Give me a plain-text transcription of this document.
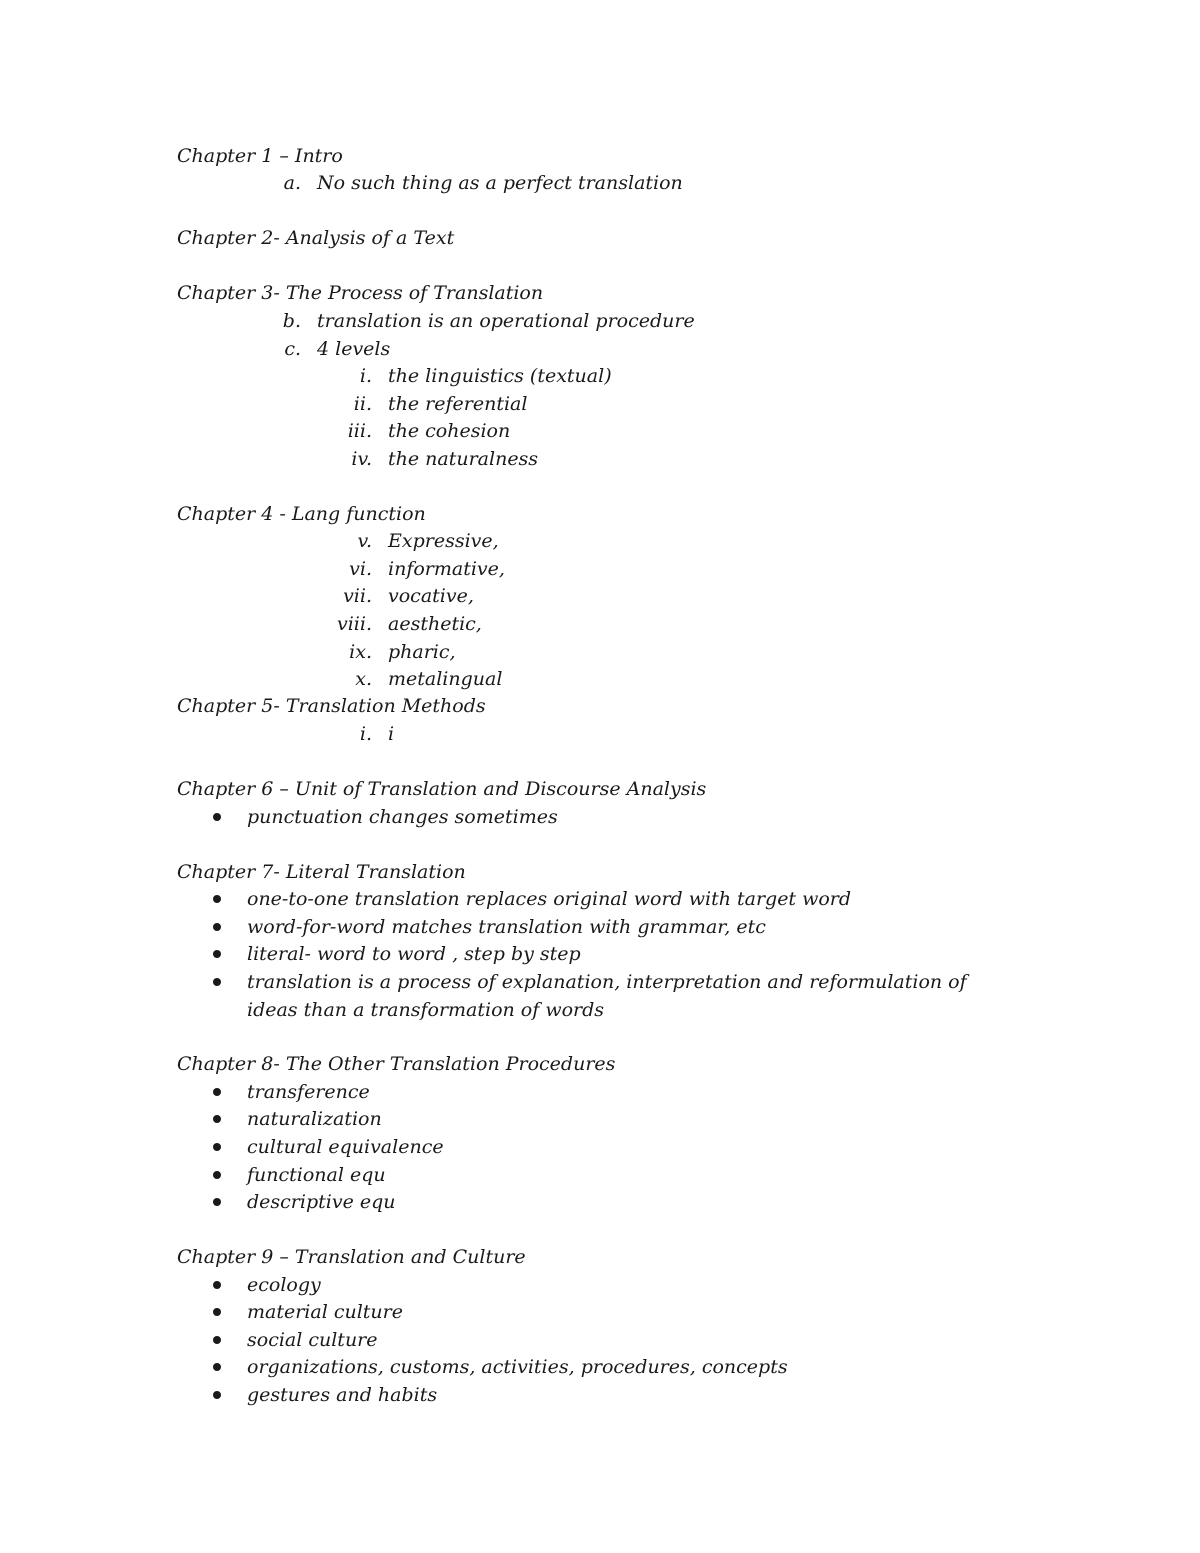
Chapter 1 – Intro
a. No such thing as a perfect translation
Chapter 2- Analysis of a Text
Chapter 3- The Process of Translation
b. translation is an operational procedure
c. 4 levels
i. the linguistics (textual)
ii. the referential
iii. the cohesion
iv. the naturalness
Chapter 4 - Lang function
v. Expressive,
vi. informative,
vii. vocative,
viii. aesthetic,
ix. pharic,
x. metalingual
Chapter 5- Translation Methods
i. i
Chapter 6 – Unit of Translation and Discourse Analysis
punctuation changes sometimes
Chapter 7- Literal Translation
one-to-one translation replaces original word with target word
word-for-word matches translation with grammar, etc
literal- word to word , step by step
translation is a process of explanation, interpretation and reformulation of
ideas than a transformation of words
Chapter 8- The Other Translation Procedures
transference
naturalization
cultural equivalence
functional equ
descriptive equ
Chapter 9 – Translation and Culture
ecology
material culture
social culture
organizations, customs, activities, procedures, concepts
gestures and habits
